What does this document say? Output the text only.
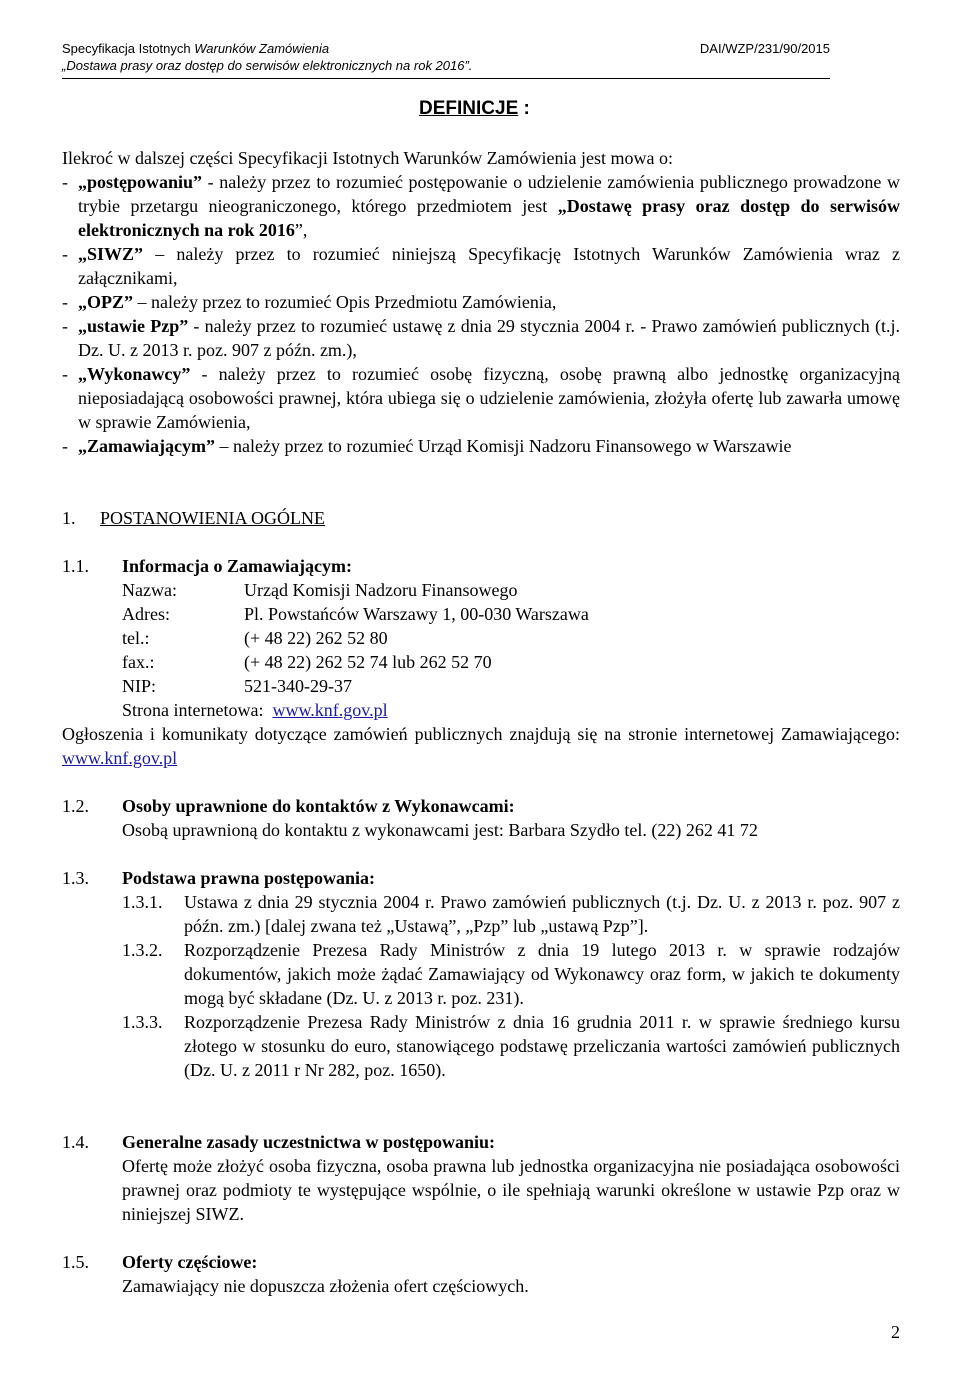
Specyfikacja Istotnych Warunków Zamówienia	DAI/WZP/231/90/2015
„Dostawa prasy oraz dostęp do serwisów elektronicznych na rok 2016”.
DEFINICJE :
Ilekroć w dalszej części Specyfikacji Istotnych Warunków Zamówienia jest mowa o:
- „postępowaniu” - należy przez to rozumieć postępowanie o udzielenie zamówienia publicznego prowadzone w trybie przetargu nieograniczonego, którego przedmiotem jest „Dostawę prasy oraz dostęp do serwisów elektronicznych na rok 2016”,
- „SIWZ” – należy przez to rozumieć niniejszą Specyfikację Istotnych Warunków Zamówienia wraz z załącznikami,
- „OPZ” – należy przez to rozumieć Opis Przedmiotu Zamówienia,
- „ustawie Pzp” - należy przez to rozumieć ustawę z dnia 29 stycznia 2004 r. - Prawo zamówień publicznych (t.j. Dz. U. z 2013 r. poz. 907 z późn. zm.),
- „Wykonawcy” - należy przez to rozumieć osobę fizyczną, osobę prawną albo jednostkę organizacyjną nieposiadającą osobowości prawnej, która ubiega się o udzielenie zamówienia, złożyła ofertę lub zawarła umowę w sprawie Zamówienia,
- „Zamawiającym” – należy przez to rozumieć Urząd Komisji Nadzoru Finansowego w Warszawie
1. POSTANOWIENIA OGÓLNE
1.1.	Informacja o Zamawiającym:
Nazwa:	Urząd Komisji Nadzoru Finansowego
Adres:	Pl. Powstańców Warszawy 1, 00-030 Warszawa
tel.:	(+ 48 22) 262 52 80
fax.:	(+ 48 22) 262 52 74 lub 262 52 70
NIP:	521-340-29-37
Strona internetowa:  www.knf.gov.pl
Ogłoszenia i komunikaty dotyczące zamówień publicznych znajdują się na stronie internetowej Zamawiającego: www.knf.gov.pl
1.2.	Osoby uprawnione do kontaktów z Wykonawcami:
Osobą uprawnioną do kontaktu z wykonawcami jest: Barbara Szydło tel. (22) 262 41 72
1.3.	Podstawa prawna postępowania:
1.3.1.	Ustawa z dnia 29 stycznia 2004 r. Prawo zamówień publicznych (t.j. Dz. U. z 2013 r. poz. 907 z późn. zm.) [dalej zwana też „Ustawą”, „Pzp” lub „ustawą Pzp”].
1.3.2.	Rozporządzenie Prezesa Rady Ministrów z dnia 19 lutego 2013 r. w sprawie rodzajów dokumentów, jakich może żądać Zamawiający od Wykonawcy oraz form, w jakich te dokumenty mogą być składane (Dz. U. z 2013 r. poz. 231).
1.3.3.	Rozporządzenie Prezesa Rady Ministrów z dnia 16 grudnia 2011 r. w sprawie średniego kursu złotego w stosunku do euro, stanowiącego podstawę przeliczania wartości zamówień publicznych (Dz. U. z 2011 r Nr 282, poz. 1650).
1.4.	Generalne zasady uczestnictwa w postępowaniu:
Ofertę może złożyć osoba fizyczna, osoba prawna lub jednostka organizacyjna nie posiadająca osobowości prawnej oraz podmioty te występujące wspólnie, o ile spełniają warunki określone w ustawie Pzp oraz w niniejszej SIWZ.
1.5.	Oferty częściowe:
Zamawiający nie dopuszcza złożenia ofert częściowych.
2
